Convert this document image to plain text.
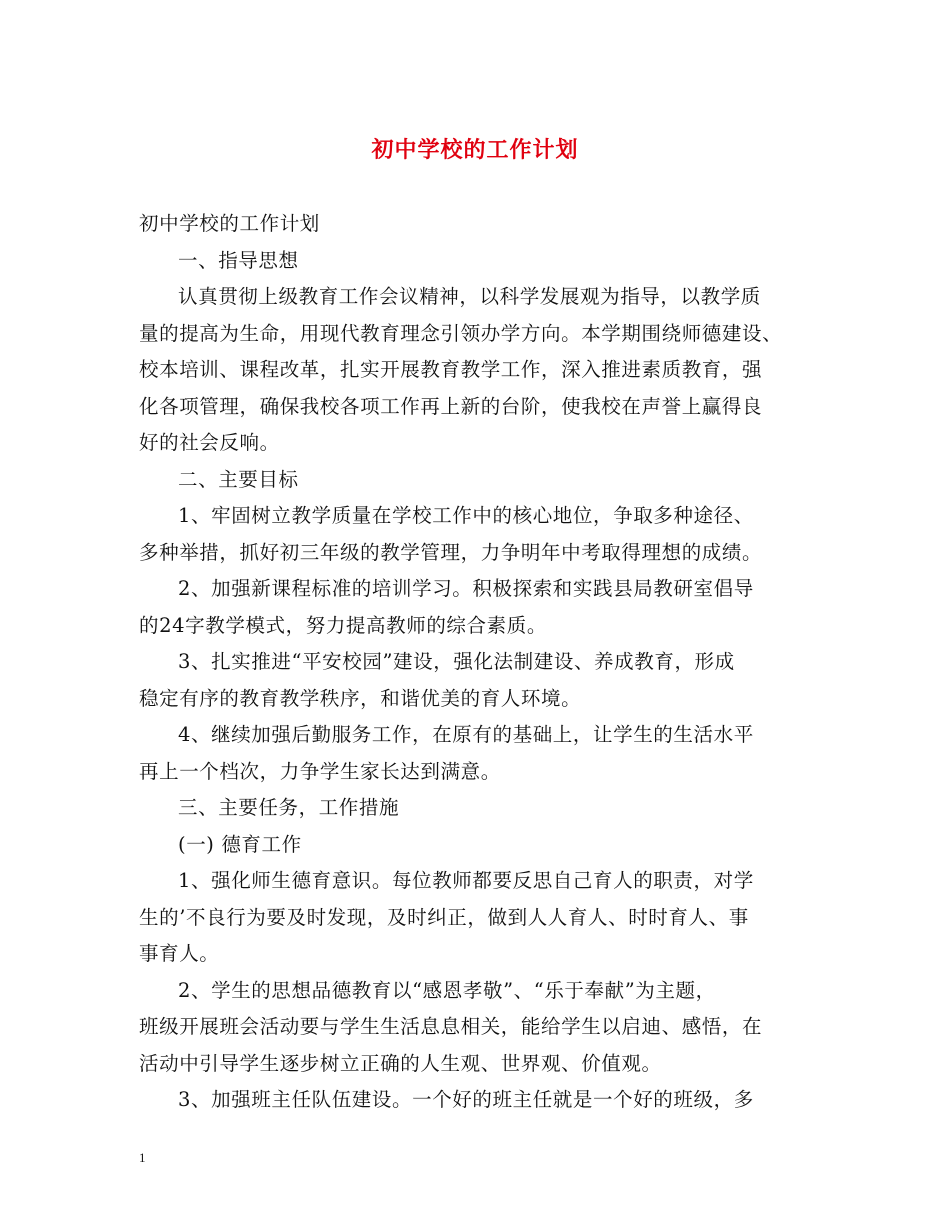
初中学校的工作计划

初中学校的工作计划

一、指导思想

认真贯彻上级教育工作会议精神，以科学发展观为指导，以教学质

量的提高为生命，用现代教育理念引领办学方向。本学期围绕师德建设、
校本培训、课程改革，扎实开展教育教学工作，深入推进素质教育，强
化各项管理，确保我校各项工作再上新的台阶，使我校在声誉上赢得良
好的社会反响。

二、主要目标

1、牢固树立教学质量在学校工作中的核心地位，争取多种途径、

多种举措，抓好初三年级的教学管理，力争明年中考取得理想的成绩。

2、加强新课程标准的培训学习。积极探索和实践县局教研室倡导

的24字教学模式，努力提高教师的综合素质。

3、扎实推进“平安校园”建设，强化法制建设、养成教育，形成

稳定有序的教育教学秩序，和谐优美的育人环境。

4、继续加强后勤服务工作，在原有的基础上，让学生的生活水平

再上一个档次，力争学生家长达到满意。

三、主要任务，工作措施

(一) 德育工作

1、强化师生德育意识。每位教师都要反思自己育人的职责，对学

生的’不良行为要及时发现，及时纠正，做到人人育人、时时育人、事
事育人。

2、学生的思想品德教育以“感恩孝敬”、“乐于奉献”为主题，

班级开展班会活动要与学生生活息息相关，能给学生以启迪、感悟，在
活动中引导学生逐步树立正确的人生观、世界观、价值观。

3、加强班主任队伍建设。一个好的班主任就是一个好的班级，多

1
